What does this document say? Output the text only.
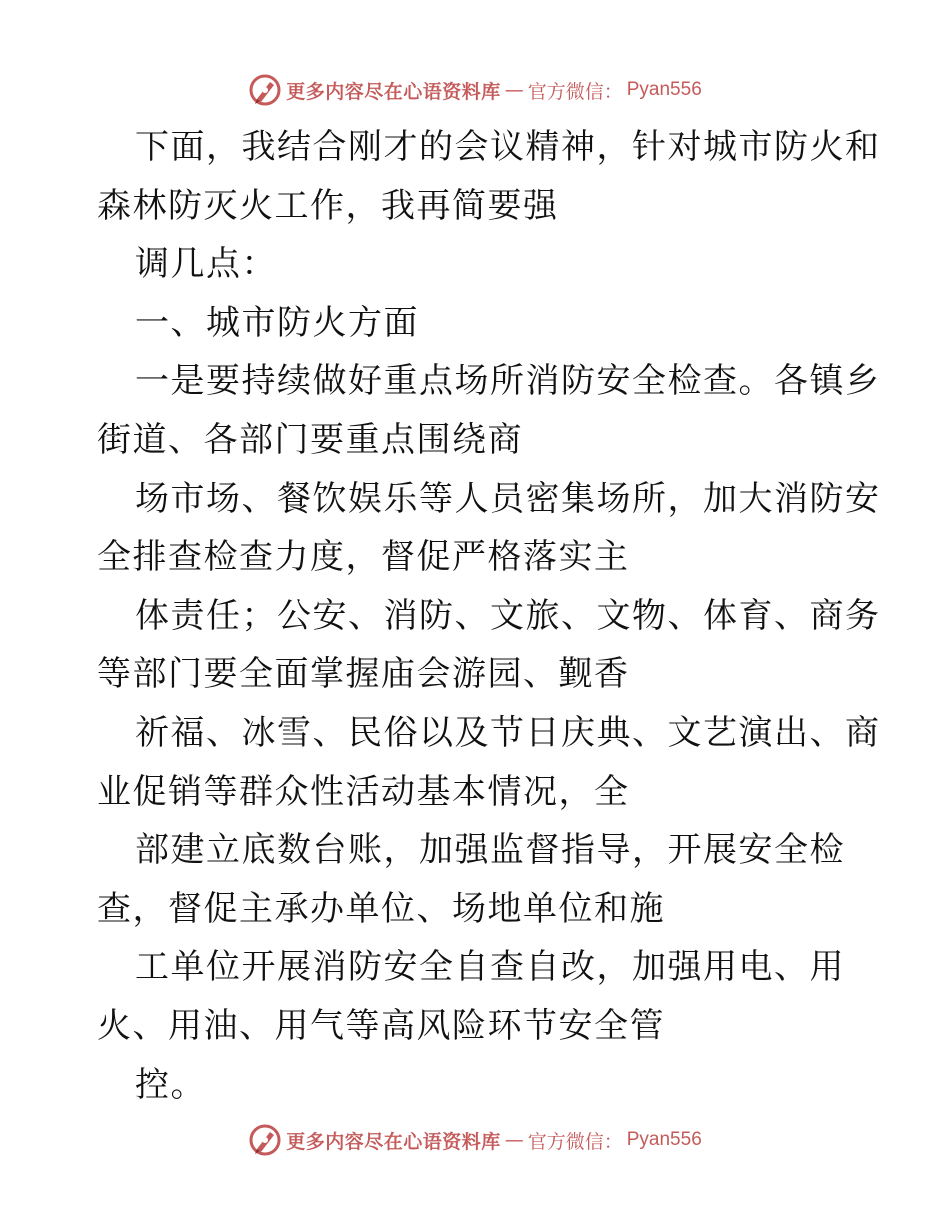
更多内容尽在心语资料库 — 官方微信： Pyan556
下面，我结合刚才的会议精神，针对城市防火和
森林防灭火工作，我再简要强
调几点：
一、城市防火方面
一是要持续做好重点场所消防安全检查。各镇乡
街道、各部门要重点围绕商
场市场、餐饮娱乐等人员密集场所，加大消防安
全排查检查力度，督促严格落实主
体责任；公安、消防、文旅、文物、体育、商务
等部门要全面掌握庙会游园、觐香
祈福、冰雪、民俗以及节日庆典、文艺演出、商
业促销等群众性活动基本情况，全
部建立底数台账，加强监督指导，开展安全检
查，督促主承办单位、场地单位和施
工单位开展消防安全自查自改，加强用电、用
火、用油、用气等高风险环节安全管
控。
更多内容尽在心语资料库 — 官方微信： Pyan556
